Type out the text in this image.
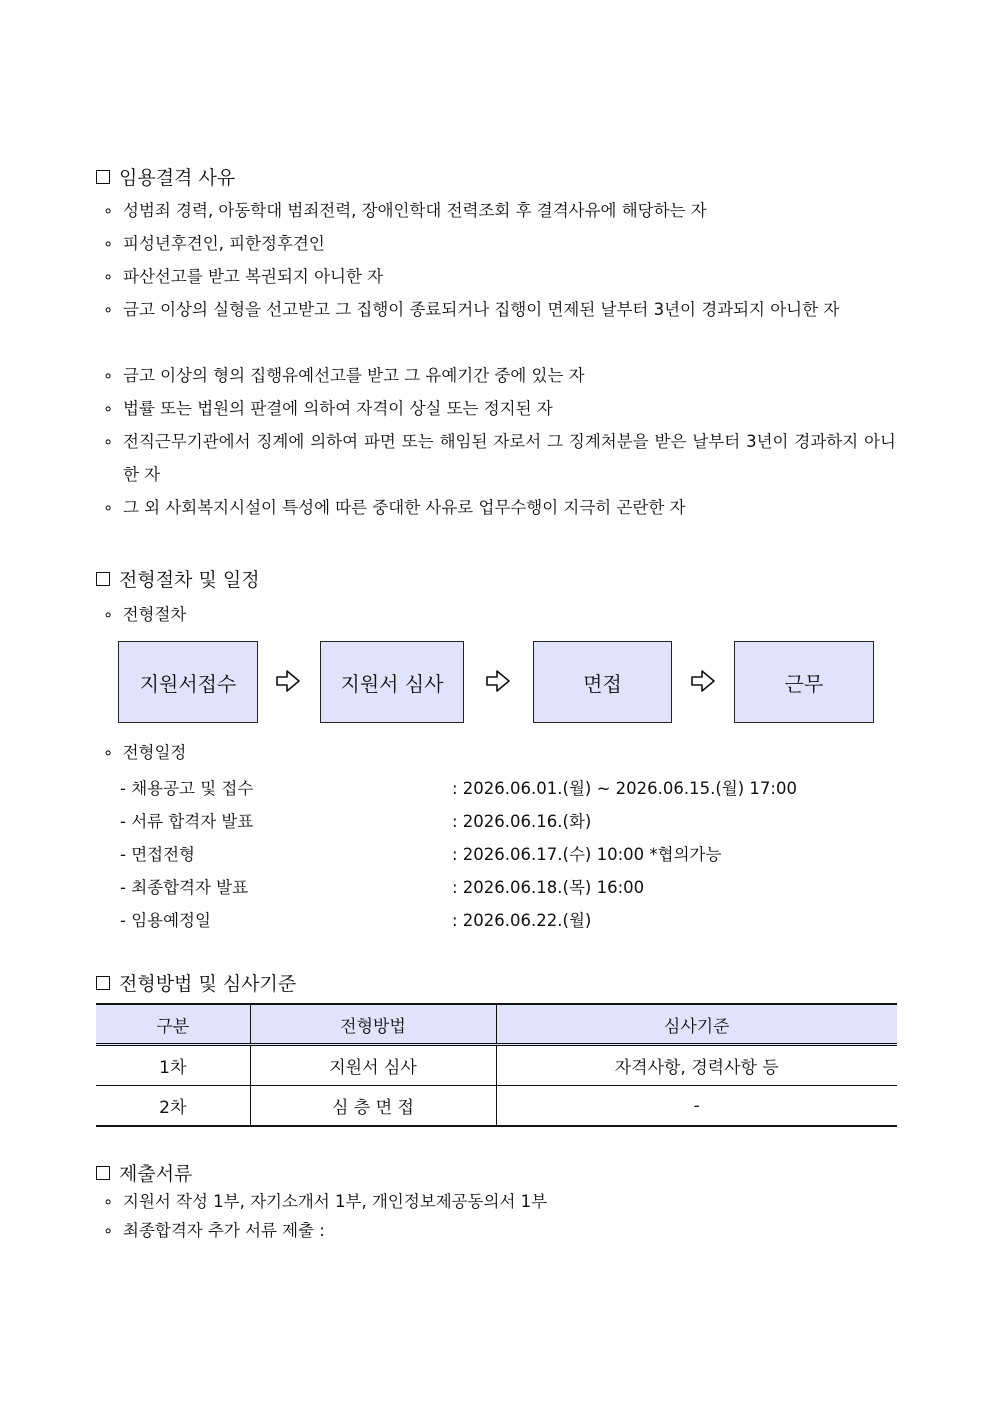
임용결격 사유
∘ 성범죄 경력, 아동학대 범죄전력, 장애인학대 전력조회 후 결격사유에 해당하는 자
∘ 피성년후견인, 피한정후견인
∘ 파산선고를 받고 복권되지 아니한 자
∘ 금고 이상의 실형을 선고받고 그 집행이 종료되거나 집행이 면제된 날부터 3년이 경과되지 아니한 자
∘ 금고 이상의 형의 집행유예선고를 받고 그 유예기간 중에 있는 자
∘ 법률 또는 법원의 판결에 의하여 자격이 상실 또는 정지된 자
∘ 전직근무기관에서 징계에 의하여 파면 또는 해임된 자로서 그 징계처분을 받은 날부터 3년이 경과하지 아니한 자
∘ 그 외 사회복지시설이 특성에 따른 중대한 사유로 업무수행이 지극히 곤란한 자
전형절차 및 일정
∘ 전형절차
지원서접수	지원서 심사	면접	근무
∘ 전형일정
- 채용공고 및 접수	: 2026.06.01.(월) ~ 2026.06.15.(월) 17:00
- 서류 합격자 발표	: 2026.06.16.(화)
- 면접전형	: 2026.06.17.(수) 10:00 *협의가능
- 최종합격자 발표	: 2026.06.18.(목) 16:00
- 임용예정일	: 2026.06.22.(월)
전형방법 및 심사기준
구분	전형방법	심사기준
1차	지원서 심사	자격사항, 경력사항 등
2차	심 층 면 접	-
제출서류
∘ 지원서 작성 1부, 자기소개서 1부, 개인정보제공동의서 1부
∘ 최종합격자 추가 서류 제출 :
